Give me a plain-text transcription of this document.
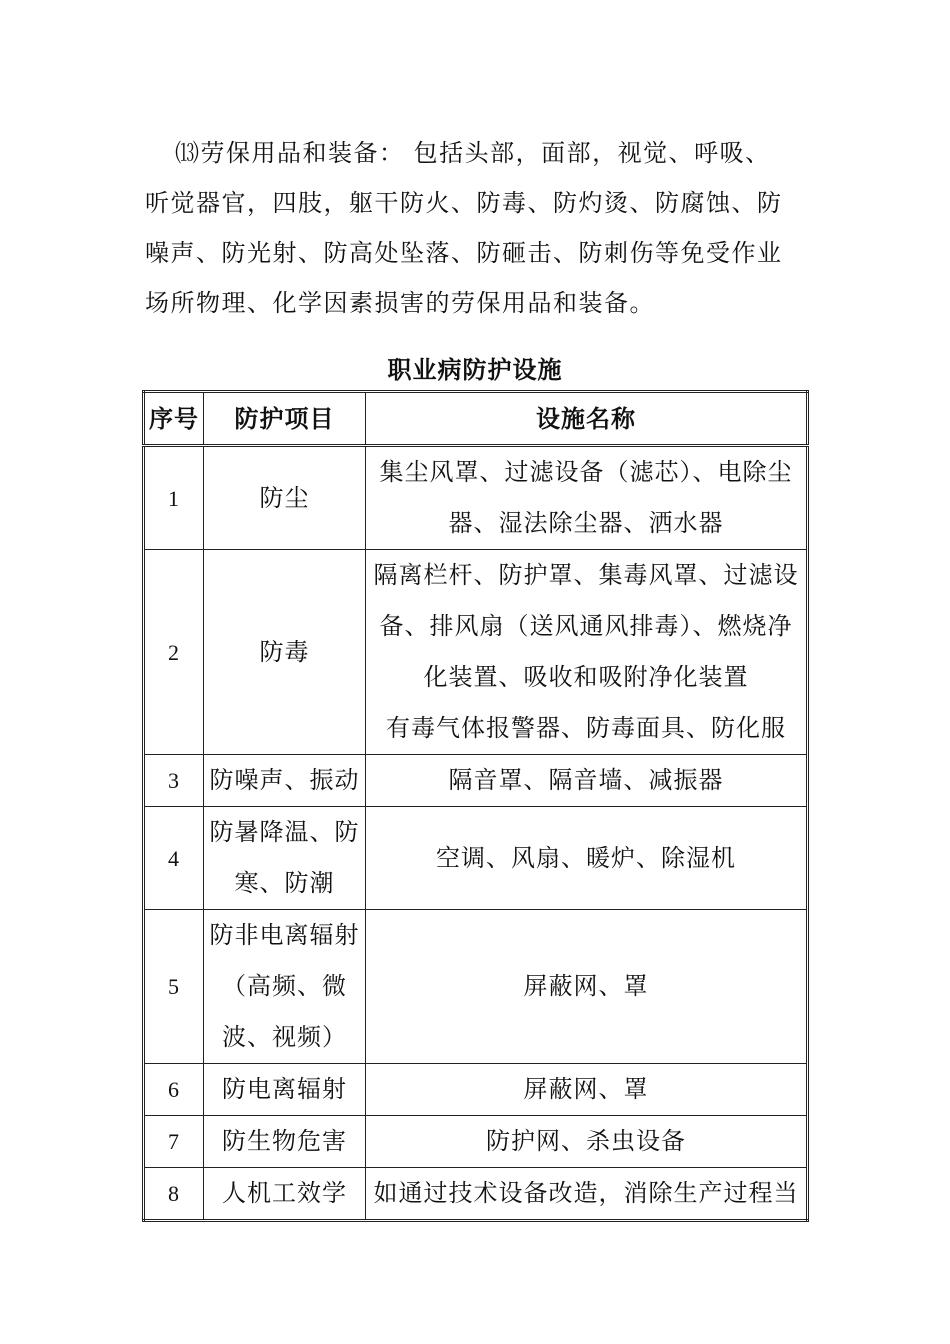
⒀劳保用品和装备： 包括头部，面部，视觉、呼吸、
听觉器官，四肢，躯干防火、防毒、防灼烫、防腐蚀、防
噪声、防光射、防高处坠落、防砸击、防刺伤等免受作业
场所物理、化学因素损害的劳保用品和装备。
职业病防护设施
序号	防护项目	设施名称
1	防尘	集尘风罩、过滤设备（滤芯）、电除尘
器、湿法除尘器、洒水器

2	防毒	隔离栏杆、防护罩、集毒风罩、过滤设
备、排风扇（送风通风排毒）、燃烧净
化装置、吸收和吸附净化装置
有毒气体报警器、防毒面具、防化服

3	防噪声、振动	隔音罩、隔音墙、减振器

4	防暑降温、防
寒、防潮	空调、风扇、暖炉、除湿机

5	防非电离辐射
（高频、微
波、视频）	屏蔽网、罩

6	防电离辐射	屏蔽网、罩

7	防生物危害	防护网、杀虫设备

8	人机工效学	如通过技术设备改造，消除生产过程当
